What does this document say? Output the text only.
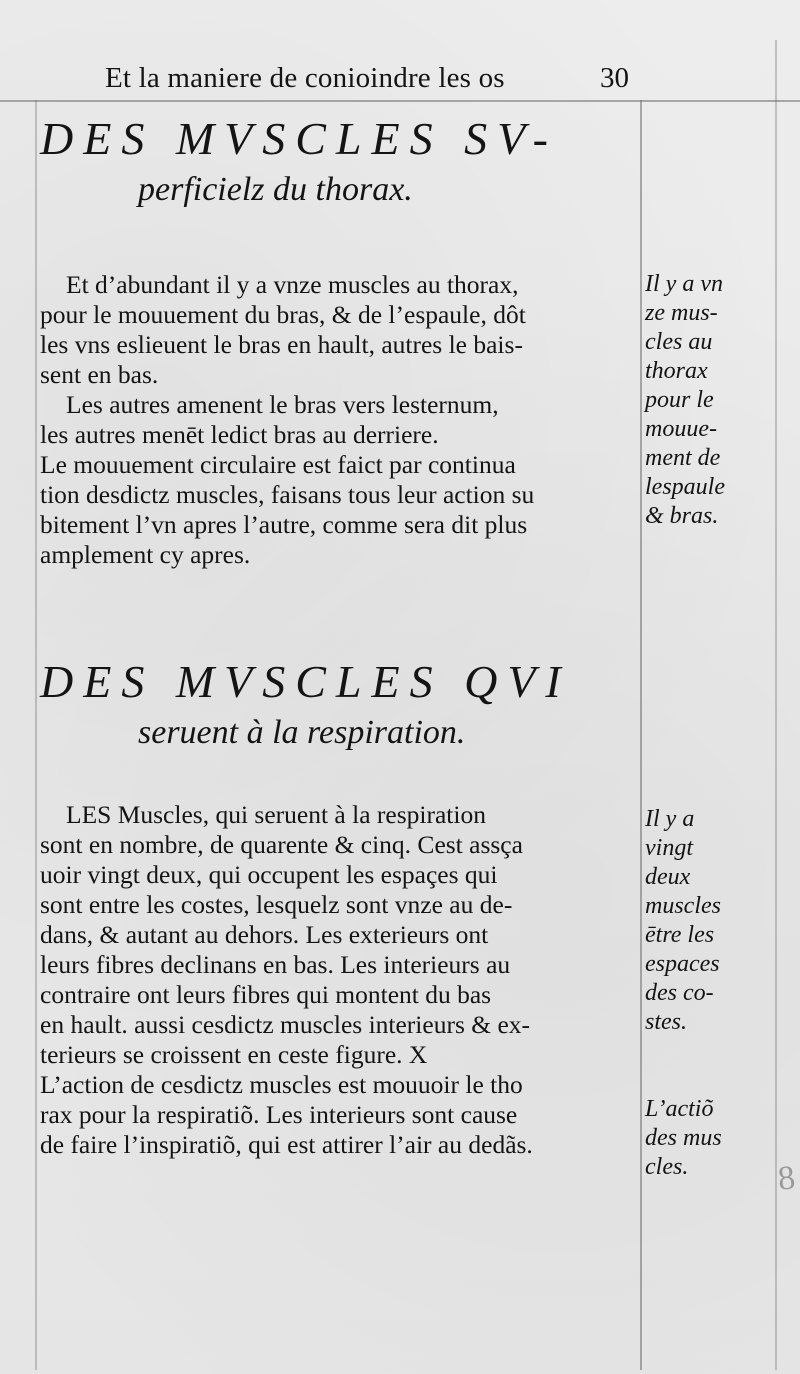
Et la maniere de conioindre les os	30
DES MVSCLES SV-
perficielz du thorax.
Et d’abundant il y a vnze muscles au thorax,
pour le mouuement du bras, & de l’espaule, dôt
les vns eslieuent le bras en hault, autres le bais-
sent en bas.
Les autres amenent le bras vers lesternum,
les autres menēt ledict bras au derriere.
Le mouuement circulaire est faict par continua
tion desdictz muscles, faisans tous leur action su
bitement l’vn apres l’autre, comme sera dit plus
amplement cy apres.
Il y a vn
ze mus-
cles au
thorax
pour le
mouue-
ment de
lespaule
& bras.
DES MVSCLES QVI
seruent à la respiration.
LES Muscles, qui seruent à la respiration
sont en nombre, de quarente & cinq. Cest assça
uoir vingt deux, qui occupent les espaçes qui
sont entre les costes, lesquelz sont vnze au de-
dans, & autant au dehors. Les exterieurs ont
leurs fibres declinans en bas. Les interieurs au
contraire ont leurs fibres qui montent du bas
en hault. aussi cesdictz muscles interieurs & ex-
terieurs se croissent en ceste figure. X
L’action de cesdictz muscles est mouuoir le tho
rax pour la respiratiõ. Les interieurs sont cause
de faire l’inspiratiõ, qui est attirer l’air au dedãs.
Il y a
vingt
deux
muscles
ētre les
espaces
des co-
stes.
L’actiõ
des mus
cles.	8
